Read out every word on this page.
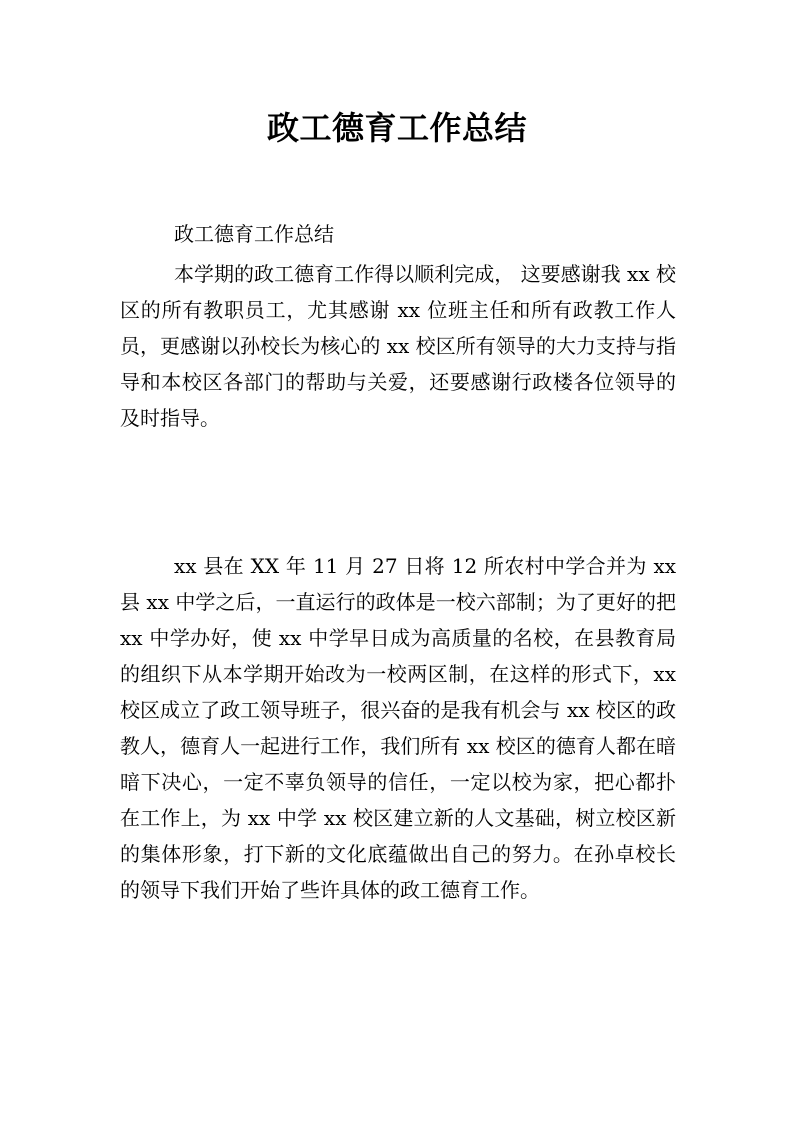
政工德育工作总结

政工德育工作总结

本学期的政工德育工作得以顺利完成， 这要感谢我 xx 校区的所有教职员工，尤其感谢 xx 位班主任和所有政教工作人员，更感谢以孙校长为核心的 xx 校区所有领导的大力支持与指导和本校区各部门的帮助与关爱，还要感谢行政楼各位领导的及时指导。

xx 县在 XX 年 11 月 27 日将 12 所农村中学合并为 xx 县 xx 中学之后，一直运行的政体是一校六部制；为了更好的把 xx 中学办好，使 xx 中学早日成为高质量的名校，在县教育局的组织下从本学期开始改为一校两区制，在这样的形式下，xx 校区成立了政工领导班子，很兴奋的是我有机会与 xx 校区的政教人，德育人一起进行工作，我们所有 xx 校区的德育人都在暗暗下决心，一定不辜负领导的信任，一定以校为家，把心都扑在工作上，为 xx 中学 xx 校区建立新的人文基础，树立校区新的集体形象，打下新的文化底蕴做出自己的努力。在孙卓校长的领导下我们开始了些许具体的政工德育工作。
